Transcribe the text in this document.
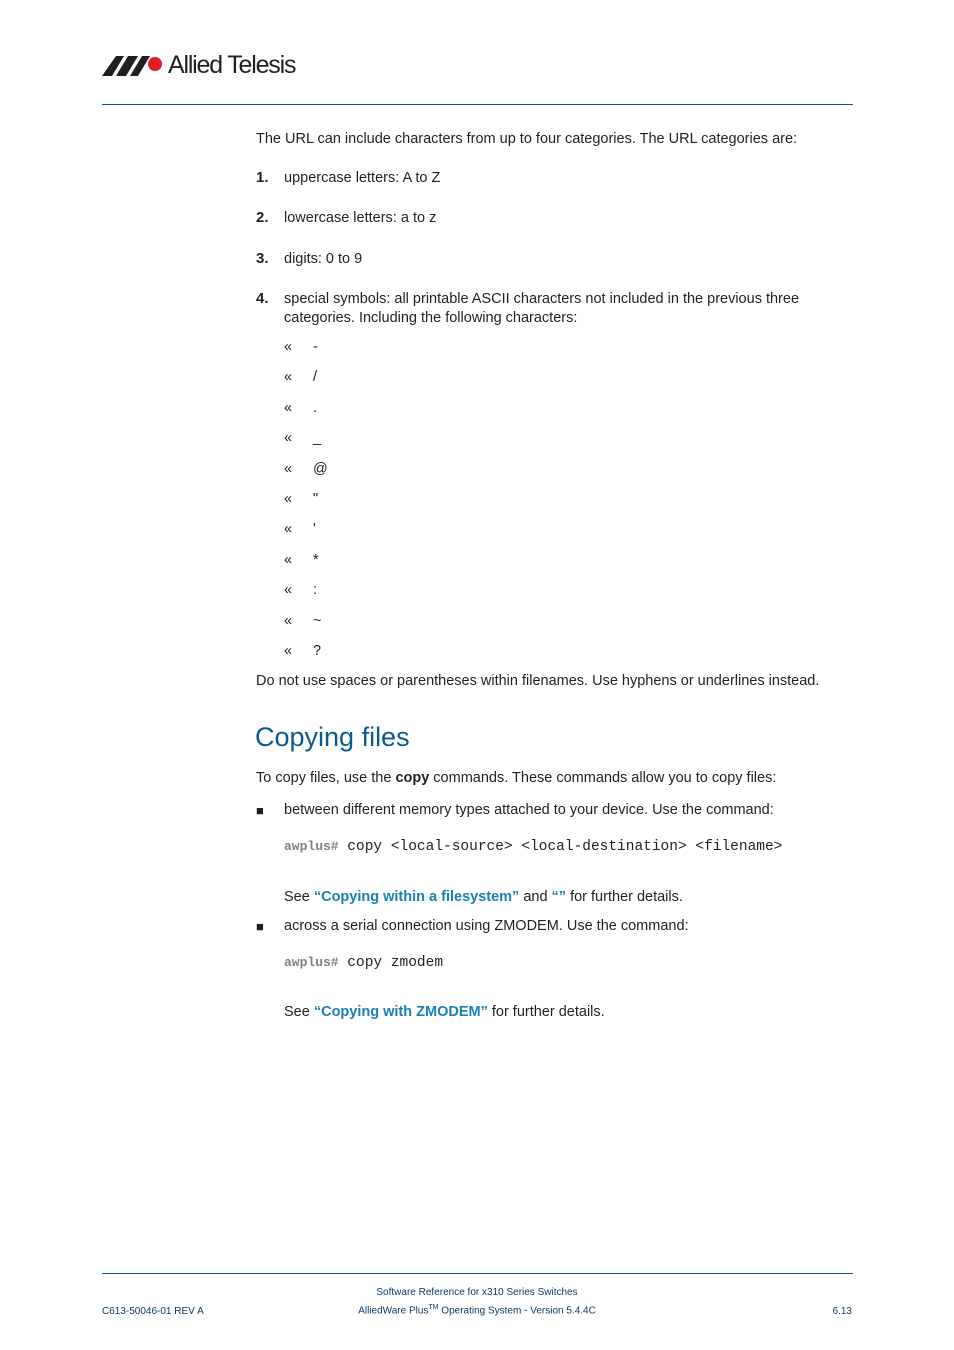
Allied Telesis
The URL can include characters from up to four categories. The URL categories are:
1. uppercase letters: A to Z
2. lowercase letters: a to z
3. digits: 0 to 9
4. special symbols: all printable ASCII characters not included in the previous three
categories. Including the following characters:
« -
« /
« .
« _
« @
« "
« '
« *
« :
« ~
« ?
Do not use spaces or parentheses within filenames. Use hyphens or underlines instead.
Copying files
To copy files, use the copy commands. These commands allow you to copy files:
■ between different memory types attached to your device. Use the command:
awplus# copy <local-source> <local-destination> <filename>
See “Copying within a filesystem” and “” for further details.
■ across a serial connection using ZMODEM. Use the command:
awplus# copy zmodem
See “Copying with ZMODEM” for further details.
C613-50046-01 REV A
Software Reference for x310 Series Switches
AlliedWare Plus™ Operating System - Version 5.4.4C	6.13
